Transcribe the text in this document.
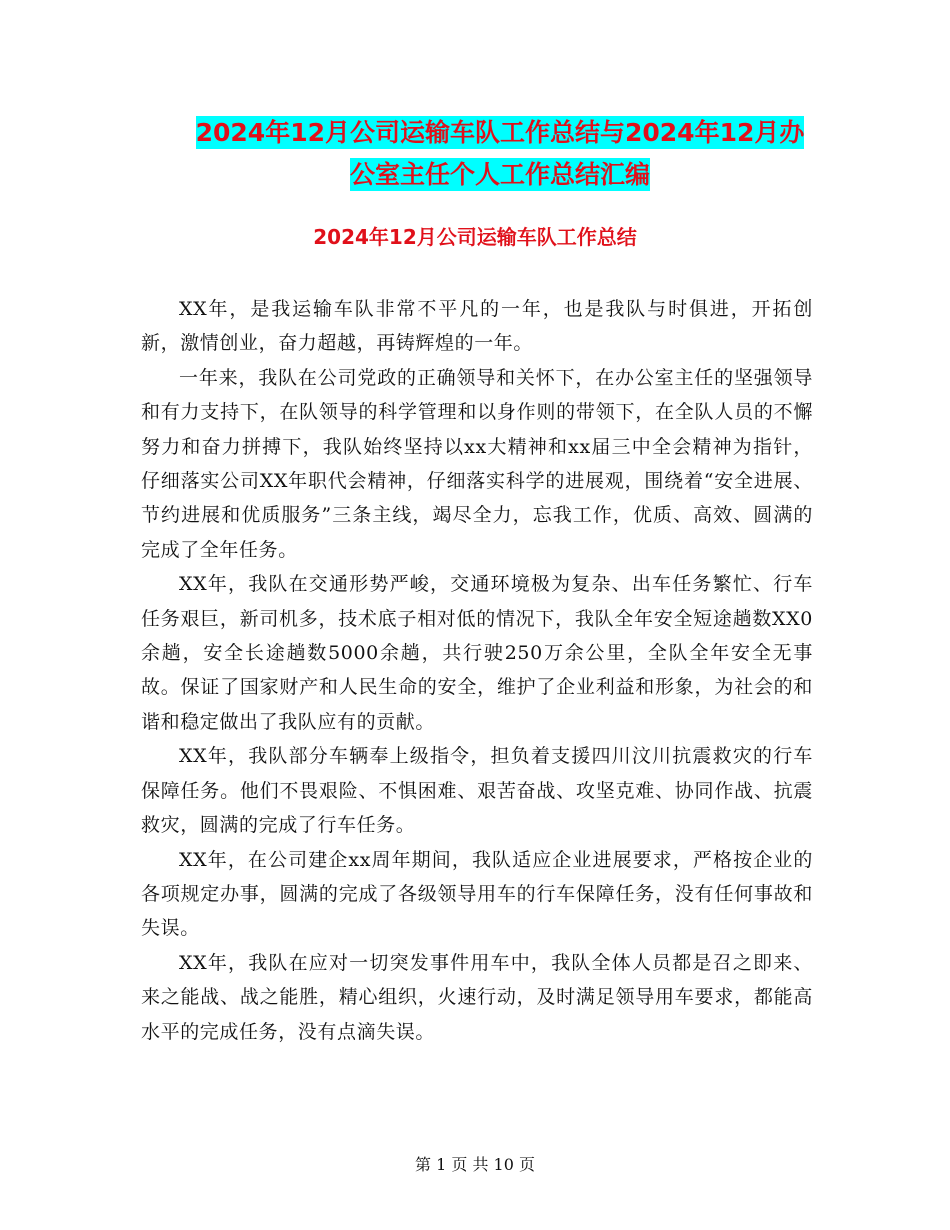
2024年12月公司运输车队工作总结与2024年12月办
公室主任个人工作总结汇编
2024年12月公司运输车队工作总结

XX年，是我运输车队非常不平凡的一年，也是我队与时俱进，开拓创新，激情创业，奋力超越，再铸辉煌的一年。

一年来，我队在公司党政的正确领导和关怀下，在办公室主任的坚强领导和有力支持下，在队领导的科学管理和以身作则的带领下，在全队人员的不懈努力和奋力拼搏下，我队始终坚持以xx大精神和xx届三中全会精神为指针，仔细落实公司XX年职代会精神，仔细落实科学的进展观，围绕着“安全进展、节约进展和优质服务”三条主线，竭尽全力，忘我工作，优质、高效、圆满的完成了全年任务。

XX年，我队在交通形势严峻，交通环境极为复杂、出车任务繁忙、行车任务艰巨，新司机多，技术底子相对低的情况下，我队全年安全短途趟数XX0余趟，安全长途趟数5000余趟，共行驶250万余公里，全队全年安全无事故。保证了国家财产和人民生命的安全，维护了企业利益和形象，为社会的和谐和稳定做出了我队应有的贡献。

XX年，我队部分车辆奉上级指令，担负着支援四川汶川抗震救灾的行车保障任务。他们不畏艰险、不惧困难、艰苦奋战、攻坚克难、协同作战、抗震救灾，圆满的完成了行车任务。

XX年，在公司建企xx周年期间，我队适应企业进展要求，严格按企业的各项规定办事，圆满的完成了各级领导用车的行车保障任务，没有任何事故和失误。

XX年，我队在应对一切突发事件用车中，我队全体人员都是召之即来、来之能战、战之能胜，精心组织，火速行动，及时满足领导用车要求，都能高水平的完成任务，没有点滴失误。

第 1 页 共 10 页
